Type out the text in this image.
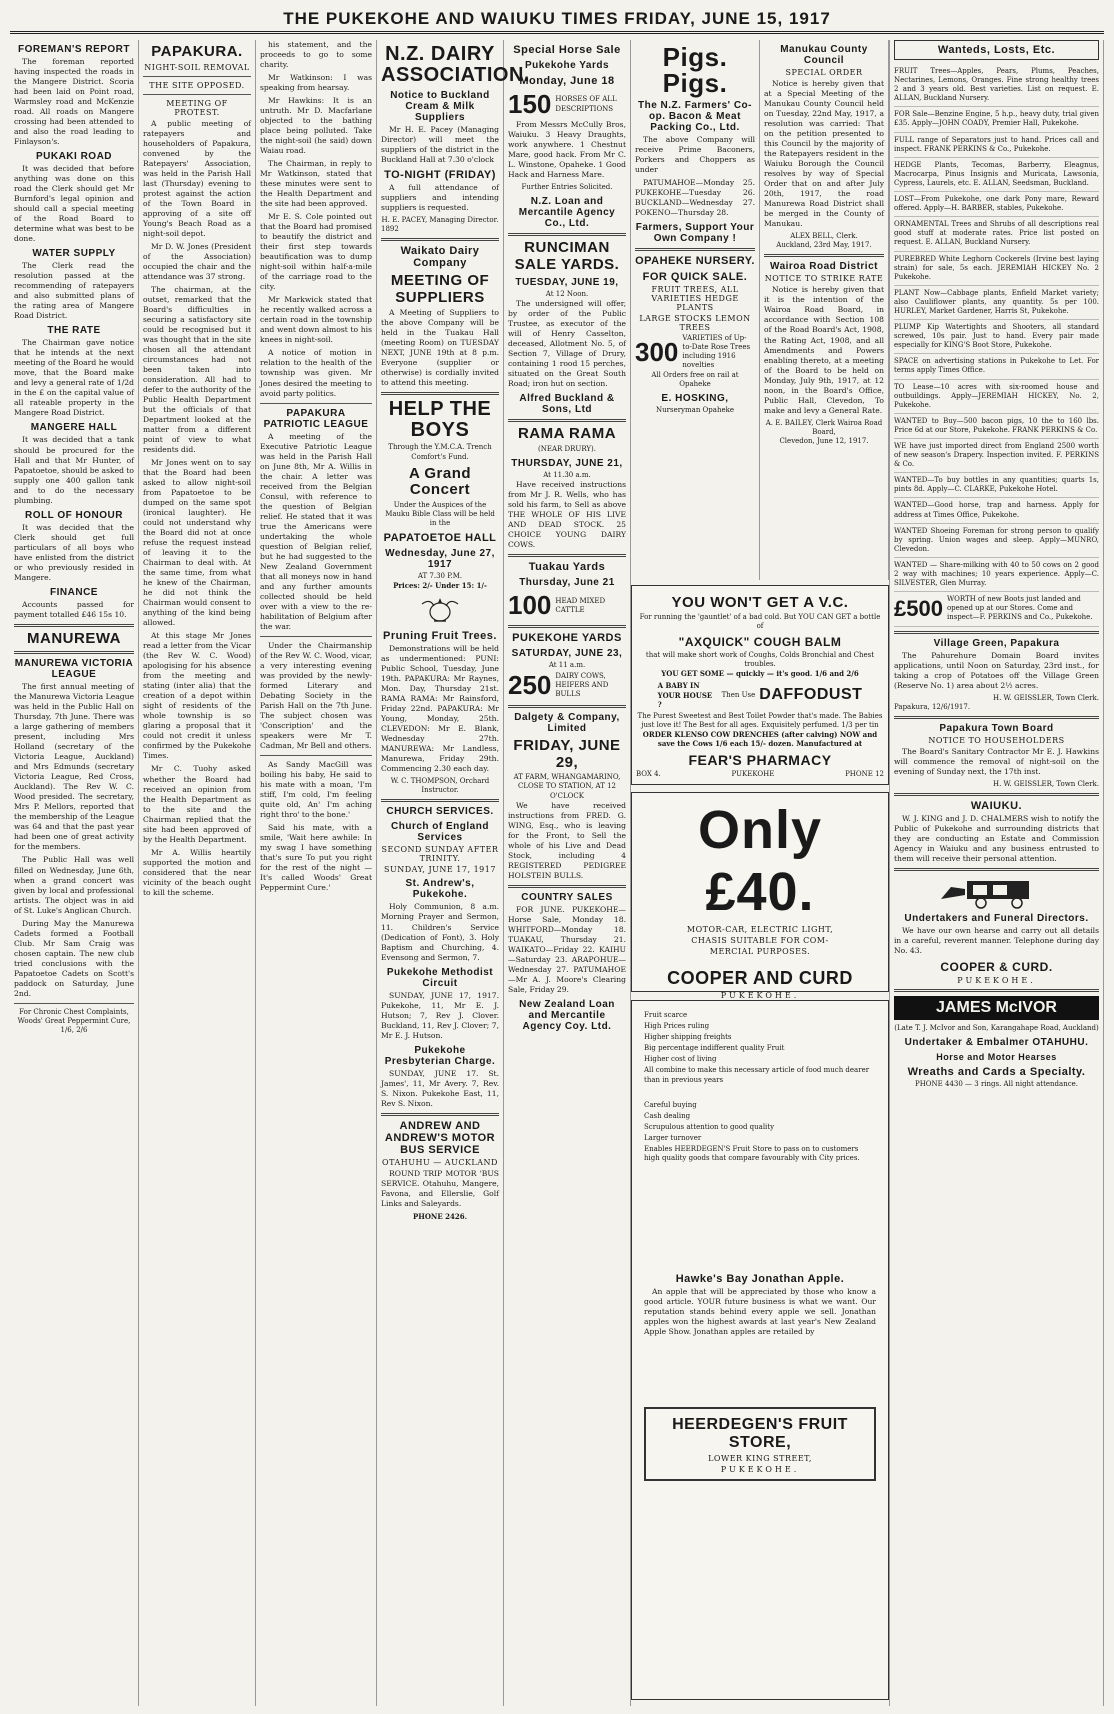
THE PUKEKOHE AND WAIUKU TIMES FRIDAY, JUNE 15, 1917
FOREMAN'S REPORT

The foreman reported having inspected the roads in the Mangere District. Scoria had been laid on Point road, Warmsley road and McKenzie road. All roads on Mangere crossing had been attended to and also the road leading to Finlayson's.

PUKAKI ROAD

It was decided that before anything was done on this road the Clerk should get Mr Burnford's legal opinion and should call a special meeting of the Road Board to determine what was best to be done.

WATER SUPPLY

The Clerk read the resolution passed at the recommending of ratepayers and also submitted plans of the rating area of Mangere Road District.

THE RATE

The Chairman gave notice that he intends at the next meeting of the Board he would move, that the Board make and levy a general rate of 1/2d in the £ on the capital value of all rateable property in the Mangere Road District.

MANGERE HALL

It was decided that a tank should be procured for the Hall and that Mr Hunter, of Papatoetoe, should be asked to supply one 400 gallon tank and to do the necessary plumbing.

ROLL OF HONOUR

It was decided that the Clerk should get full particulars of all boys who have enlisted from the district or who previously resided in Mangere.

FINANCE

Accounts passed for payment totalled £46 15s 10.

MANUREWA
MANUREWA VICTORIA LEAGUE

The first annual meeting of the Manurewa Victoria League was held in the Public Hall on Thursday, 7th June. There was a large gathering of members present, including Mrs Holland (secretary of the Victoria League, Auckland) and Mrs Edmunds (secretary Victoria League, Red Cross, Auckland). The Rev W. C. Wood presided. The secretary, Mrs P. Mellors, reported that the membership of the League was 64 and that the past year had been one of great activity for the members.

The Public Hall was well filled on Wednesday, June 6th, when a grand concert was given by local and professional artists. The object was in aid of St. Luke's Anglican Church.

During May the Manurewa Cadets formed a Football Club. Mr Sam Craig was chosen captain. The new club tried conclusions with the Papatoetoe Cadets on Scott's paddock on Saturday, June 2nd.

For Chronic Chest Complaints, Woods' Great Peppermint Cure, 1/6, 2/6

PAPAKURA.
NIGHT-SOIL REMOVAL
THE SITE OPPOSED.
MEETING OF PROTEST.

A public meeting of ratepayers and householders of Papakura, convened by the Ratepayers' Association, was held in the Parish Hall last (Thursday) evening to protest against the action of the Town Board in approving of a site off Young's Beach Road as a night-soil depot.

Mr D. W. Jones (President of the Association) occupied the chair and the attendance was 37 strong.

The chairman, at the outset, remarked that the Board's difficulties in securing a satisfactory site could be recognised but it was thought that in the site chosen all the attendant circumstances had not been taken into consideration. All had to defer to the authority of the Public Health Department but the officials of that Department looked at the matter from a different point of view to what residents did.

Mr Jones went on to say that the Board had been asked to allow night-soil from Papatoetoe to be dumped on the same spot (ironical laughter). He could not understand why the Board did not at once refuse the request instead of leaving it to the Chairman to deal with. At the same time, from what he knew of the Chairman, he did not think the Chairman would consent to anything of the kind being allowed.

At this stage Mr Jones read a letter from the Vicar (the Rev W. C. Wood) apologising for his absence from the meeting and stating (inter alia) that the creation of a depot within sight of residents of the whole township is so glaring a proposal that it could not credit it unless confirmed by the Pukekohe Times.

Mr C. Tuohy asked whether the Board had received an opinion from the Health Department as to the site and the Chairman replied that the site had been approved of by the Health Department.

Mr A. Willis heartily supported the motion and considered that the near vicinity of the beach ought to kill the scheme.

his statement, and the proceeds to go to some charity.

Mr Watkinson: I was speaking from hearsay.

Mr Hawkins: It is an untruth. Mr D. Macfarlane objected to the bathing place being polluted. Take the night-soil (he said) down Waiau road.

The Chairman, in reply to Mr Watkinson, stated that these minutes were sent to the Health Department and the site had been approved.

Mr E. S. Cole pointed out that the Board had promised to beautify the district and their first step towards beautification was to dump night-soil within half-a-mile of the carriage road to the city.

Mr Markwick stated that he recently walked across a certain road in the township and went down almost to his knees in night-soil.

A notice of motion in relation to the health of the township was given. Mr Jones desired the meeting to avoid party politics.

PAPAKURA PATRIOTIC LEAGUE

A meeting of the Executive Patriotic League was held in the Parish Hall on June 8th, Mr A. Willis in the chair. A letter was received from the Belgian Consul, with reference to the question of Belgian relief. He stated that it was true the Americans were undertaking the whole question of Belgian relief, but he had suggested to the New Zealand Government that all moneys now in hand and any further amounts collected should be held over with a view to the re-habilitation of Belgium after the war.

Under the Chairmanship of the Rev W. C. Wood, vicar, a very interesting evening was provided by the newly-formed Literary and Debating Society in the Parish Hall on the 7th June. The subject chosen was 'Conscription' and the speakers were Mr T. Cadman, Mr Bell and others.

As Sandy MacGill was boiling his baby, He said to his mate with a moan, 'I'm stiff, I'm cold, I'm feeling quite old, An' I'm aching right thro' to the bone.'

Said his mate, with a smile, 'Wait here awhile: In my swag I have something that's sure To put you right for the rest of the night — It's called Woods' Great Peppermint Cure.'

N.Z. DAIRY ASSOCIATION.
Notice to Buckland Cream & Milk Suppliers

Mr H. E. Pacey (Managing Director) will meet the suppliers of the district in the Buckland Hall at 7.30 o'clock

TO-NIGHT (FRIDAY)

A full attendance of suppliers and intending suppliers is requested.

H. E. PACEY, Managing Director.

1892

Waikato Dairy Company
MEETING OF SUPPLIERS

A Meeting of Suppliers to the above Company will be held in the Tuakau Hall (meeting Room) on TUESDAY NEXT, JUNE 19th at 8 p.m. Everyone (supplier or otherwise) is cordially invited to attend this meeting.

HELP THE BOYS

Through the Y.M.C.A. Trench Comfort's Fund.

A Grand Concert

Under the Auspices of the Mauku Bible Class will be held in the

PAPATOETOE HALL
Wednesday, June 27, 1917

AT 7.30 P.M.

Prices: 2/- Under 15: 1/-

Pruning Fruit Trees.

Demonstrations will be held as undermentioned: PUNI: Public School, Tuesday, June 19th. PAPAKURA: Mr Raynes, Mon. Day, Thursday 21st. RAMA RAMA: Mr Rainsford, Friday 22nd. PAPAKURA: Mr Young, Monday, 25th. CLEVEDON: Mr E. Blank, Wednesday 27th. MANUREWA: Mr Landless, Manurewa, Friday 29th. Commencing 2.30 each day.

W. C. THOMPSON, Orchard Instructor.

CHURCH SERVICES.
Church of England Services
SECOND SUNDAY AFTER TRINITY.
SUNDAY, JUNE 17, 1917
St. Andrew's, Pukekohe.

Holy Communion, 8 a.m. Morning Prayer and Sermon, 11. Children's Service (Dedication of Font), 3. Holy Baptism and Churching, 4. Evensong and Sermon, 7.

Pukekohe Methodist Circuit

SUNDAY, JUNE 17, 1917. Pukekohe, 11, Mr E. J. Hutson; 7, Rev J. Clover. Buckland, 11, Rev J. Clover; 7, Mr E. J. Hutson.

Pukekohe Presbyterian Charge.

SUNDAY, JUNE 17. St. James', 11, Mr Avery. 7, Rev. S. Nixon. Pukekohe East, 11, Rev S. Nixon.

ANDREW AND ANDREW'S MOTOR BUS SERVICE
OTAHUHU — AUCKLAND

ROUND TRIP MOTOR 'BUS SERVICE. Otahuhu, Mangere, Favona, and Ellerslie, Golf Links and Saleyards.

PHONE 2426.

Special Horse Sale
Pukekohe Yards
Monday, June 18
150 HORSES OF ALL DESCRIPTIONS

From Messrs McCully Bros, Waiuku. 3 Heavy Draughts, work anywhere. 1 Chestnut Mare, good hack. From Mr C. L. Winstone, Opaheke. 1 Good Hack and Harness Mare.

Further Entries Solicited.

N.Z. Loan and Mercantile Agency Co., Ltd.
RUNCIMAN SALE YARDS.
TUESDAY, JUNE 19,

At 12 Noon.

The undersigned will offer, by order of the Public Trustee, as executor of the will of Henry Casselton, deceased, Allotment No. 5, of Section 7, Village of Drury, containing 1 rood 15 perches, situated on the Great South Road; iron hut on section.

Alfred Buckland & Sons, Ltd
RAMA RAMA

(NEAR DRURY).

THURSDAY, JUNE 21,

At 11.30 a.m.

Have received instructions from Mr J. R. Wells, who has sold his farm, to Sell as above THE WHOLE OF HIS LIVE AND DEAD STOCK. 25 CHOICE YOUNG DAIRY COWS.

Tuakau Yards
Thursday, June 21
100 HEAD MIXED CATTLE
PUKEKOHE YARDS
SATURDAY, JUNE 23,

At 11 a.m.

250 DAIRY COWS, HEIFERS AND BULLS
Dalgety & Company, Limited
FRIDAY, JUNE 29,

AT FARM, WHANGAMARINO, CLOSE TO STATION, AT 12 O'CLOCK

We have received instructions from FRED. G. WING, Esq., who is leaving for the Front, to Sell the whole of his Live and Dead Stock, including 4 REGISTERED PEDIGREE HOLSTEIN BULLS.

COUNTRY SALES

FOR JUNE. PUKEKOHE—Horse Sale, Monday 18. WHITFORD—Monday 18. TUAKAU, Thursday 21. WAIKATO—Friday 22. KAIHU—Saturday 23. ARAPOHUE—Wednesday 27. PATUMAHOE—Mr A. J. Moore's Clearing Sale, Friday 29.

New Zealand Loan and Mercantile Agency Coy. Ltd.
Pigs. Pigs.
The N.Z. Farmers' Co-op. Bacon & Meat Packing Co., Ltd.

The above Company will receive Prime Baconers, Porkers and Choppers as under

PATUMAHOE—Monday 25. PUKEKOHE—Tuesday 26. BUCKLAND—Wednesday 27. POKENO—Thursday 28.

Farmers, Support Your Own Company !
OPAHEKE NURSERY.
FOR QUICK SALE.
FRUIT TREES, ALL VARIETIES HEDGE PLANTS
LARGE STOCKS LEMON TREES
300 VARIETIES of Up-to-Date Rose Trees including 1916 novelties

All Orders free on rail at Opaheke

E. HOSKING,

Nurseryman Opaheke

Manukau County Council
SPECIAL ORDER

Notice is hereby given that at a Special Meeting of the Manukau County Council held on Tuesday, 22nd May, 1917, a resolution was carried: That on the petition presented to this Council by the majority of the Ratepayers resident in the Waiuku Borough the Council resolves by way of Special Order that on and after July 20th, 1917, the road Manurewa Road District shall be merged in the County of Manukau.

ALEX BELL, Clerk.

Auckland, 23rd May, 1917.

Wairoa Road District
NOTICE TO STRIKE RATE

Notice is hereby given that it is the intention of the Wairoa Road Board, in accordance with Section 108 of the Road Board's Act, 1908, the Rating Act, 1908, and all Amendments and Powers enabling thereto, at a meeting of the Board to be held on Monday, July 9th, 1917, at 12 noon, in the Board's Office, Public Hall, Clevedon, To make and levy a General Rate.

A. E. BAILEY, Clerk Wairoa Road Board,

Clevedon, June 12, 1917.

YOU WON'T GET A V.C.

For running the 'gauntlet' of a bad cold. But YOU CAN GET a bottle of

"AXQUICK" COUGH BALM

that will make short work of Coughs, Colds Bronchial and Chest troubles.

YOU GET SOME — quickly — it's good. 1/6 and 2/6

A BABY IN YOUR HOUSE ?
Then Use DAFFODUST

The Purest Sweetest and Best Toilet Powder that's made. The Babies just love it! The Best for all ages. Exquisitely perfumed. 1/3 per tin

ORDER KLENSO COW DRENCHES (after calving) NOW and save the Cows 1/6 each 15/- dozen. Manufactured at

FEAR'S PHARMACY
BOX 4.	PUKEKOHE	PHONE 12
Only £40.

MOTOR-CAR, ELECTRIC LIGHT,

CHASIS SUITABLE FOR COM-

MERCIAL PURPOSES.

COOPER AND CURD

PUKEKOHE.

Fruit scarce
High Prices ruling
Higher shipping freights
Big percentage indifferent quality Fruit
Higher cost of living
All combine to make this necessary article of food much dearer than in previous years
Careful buying
Cash dealing
Scrupulous attention to good quality
Larger turnover
Enables HEERDEGEN'S Fruit Store to pass on to customers high quality goods that compare favourably with City prices.
Hawke's Bay Jonathan Apple.

An apple that will be appreciated by those who know a good article. YOUR future business is what we want. Our reputation stands behind every apple we sell. Jonathan apples won the highest awards at last year's New Zealand Apple Show. Jonathan apples are retailed by

HEERDEGEN'S FRUIT STORE,

LOWER KING STREET,

PUKEKOHE.

Wanteds, Losts, Etc.
FRUIT Trees—Apples, Pears, Plums, Peaches, Nectarines, Lemons, Oranges. Fine strong healthy trees 2 and 3 years old. Best varieties. List on request. E. ALLAN, Buckland Nursery.
FOR Sale—Benzine Engine, 5 h.p., heavy duty, trial given £35. Apply—JOHN COADY, Premier Hall, Pukekohe.
FULL range of Separators just to hand. Prices call and inspect. FRANK PERKINS & Co., Pukekohe.
HEDGE Plants, Tecomas, Barberry, Eleagnus, Macrocarpa, Pinus Insignis and Muricata, Lawsonia, Cypress, Laurels, etc. E. ALLAN, Seedsman, Buckland.
LOST—From Pukekohe, one dark Pony mare, Reward offered. Apply—H. BARBER, stables, Pukekohe.
ORNAMENTAL Trees and Shrubs of all descriptions real good stuff at moderate rates. Price list posted on request. E. ALLAN, Buckland Nursery.
PUREBRED White Leghorn Cockerels (Irvine best laying strain) for sale, 5s each. JEREMIAH HICKEY No. 2 Pukekohe.
PLANT Now—Cabbage plants, Enfield Market variety; also Cauliflower plants, any quantity. 5s per 100. HURLEY, Market Gardener, Harris St, Pukekohe.
PLUMP Kip Watertights and Shooters, all standard screwed, 10s pair. Just to hand. Every pair made especially for KING'S Boot Store, Pukekohe.
SPACE on advertising stations in Pukekohe to Let. For terms apply Times Office.
TO Lease—10 acres with six-roomed house and outbuildings. Apply—JEREMIAH HICKEY, No. 2, Pukekohe.
WANTED to Buy—500 bacon pigs, 10 the to 160 lbs. Price 6d at our Store, Pukekohe. FRANK PERKINS & Co.
WE have just imported direct from England 2500 worth of new season's Drapery. Inspection invited. F. PERKINS & Co.
WANTED—To buy bottles in any quantities; quarts 1s, pints 8d. Apply—C. CLARKE, Pukekohe Hotel.
WANTED—Good horse, trap and harness. Apply for address at Times Office, Pukekohe.
WANTED Shoeing Foreman for strong person to qualify by spring. Union wages and sleep. Apply—MUNRO, Clevedon.
WANTED — Share-milking with 40 to 50 cows on 2 good 2 way with machines; 10 years experience. Apply—C. SILVESTER, Glen Murray.
£500 WORTH of new Boots just landed and opened up at our Stores. Come and inspect—F. PERKINS and Co., Pukekohe.
Village Green, Papakura

The Pahurehure Domain Board invites applications, until Noon on Saturday, 23rd inst., for taking a crop of Potatoes off the Village Green (Reserve No. 1) area about 2½ acres.

H. W. GEISSLER, Town Clerk.

Papakura, 12/6/1917.

Papakura Town Board
NOTICE TO HOUSEHOLDERS

The Board's Sanitary Contractor Mr E. J. Hawkins will commence the removal of night-soil on the evening of Sunday next, the 17th inst.

H. W. GEISSLER, Town Clerk.

WAIUKU.

W. J. KING and J. D. CHALMERS wish to notify the Public of Pukekohe and surrounding districts that they are conducting an Estate and Commission Agency in Waiuku and any business entrusted to them will receive their personal attention.

Undertakers and Funeral Directors.

We have our own hearse and carry out all details in a careful, reverent manner. Telephone during day No. 43.

COOPER & CURD.

PUKEKOHE.

JAMES McIVOR

(Late T. J. McIvor and Son, Karangahape Road, Auckland)

Undertaker & Embalmer OTAHUHU.
Horse and Motor Hearses
Wreaths and Cards a Specialty.

PHONE 4430 — 3 rings. All night attendance.
